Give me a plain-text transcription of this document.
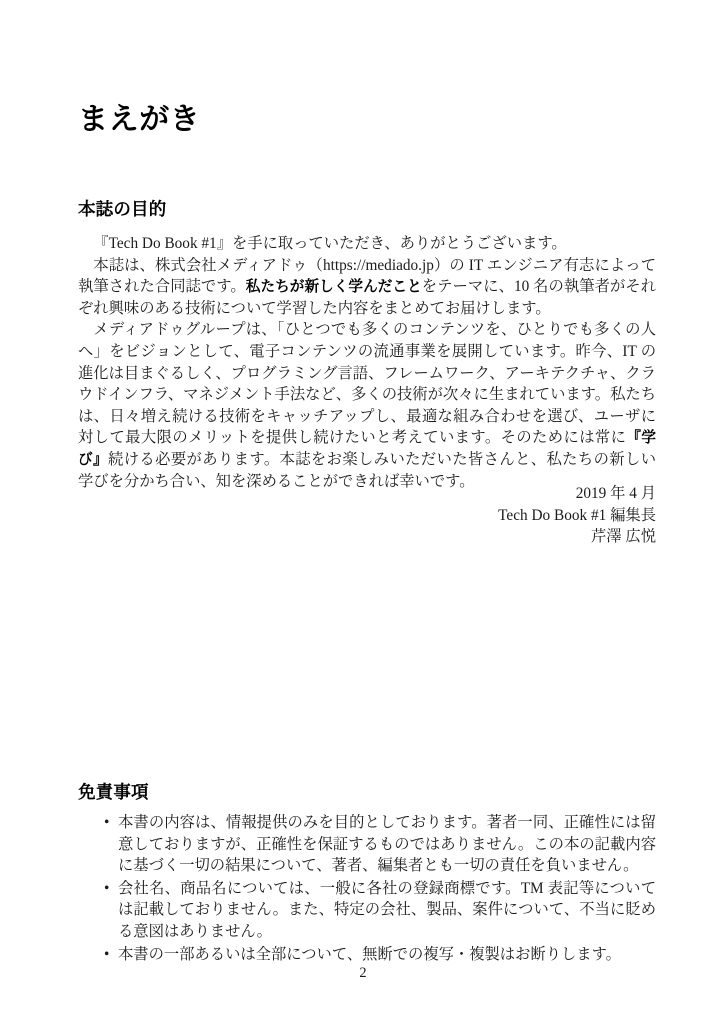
まえがき
本誌の目的

『Tech Do Book #1』を手に取っていただき、ありがとうございます。

本誌は、株式会社メディアドゥ（https://mediado.jp）の IT エンジニア有志によって執筆された合同誌です。私たちが新しく学んだことをテーマに、10 名の執筆者がそれぞれ興味のある技術について学習した内容をまとめてお届けします。

メディアドゥグループは、「ひとつでも多くのコンテンツを、ひとりでも多くの人へ」をビジョンとして、電子コンテンツの流通事業を展開しています。昨今、IT の進化は目まぐるしく、プログラミング言語、フレームワーク、アーキテクチャ、クラウドインフラ、マネジメント手法など、多くの技術が次々に生まれています。私たちは、日々増え続ける技術をキャッチアップし、最適な組み合わせを選び、ユーザに対して最大限のメリットを提供し続けたいと考えています。そのためには常に『学び』続ける必要があります。本誌をお楽しみいただいた皆さんと、私たちの新しい学びを分かち合い、知を深めることができれば幸いです。

2019 年 4 月
Tech Do Book #1 編集長
芹澤 広悦
免責事項
• 本書の内容は、情報提供のみを目的としております。著者一同、正確性には留意しておりますが、正確性を保証するものではありません。この本の記載内容に基づく一切の結果について、著者、編集者とも一切の責任を負いません。
• 会社名、商品名については、一般に各社の登録商標です。TM 表記等については記載しておりません。また、特定の会社、製品、案件について、不当に貶める意図はありません。
• 本書の一部あるいは全部について、無断での複写・複製はお断りします。
2
